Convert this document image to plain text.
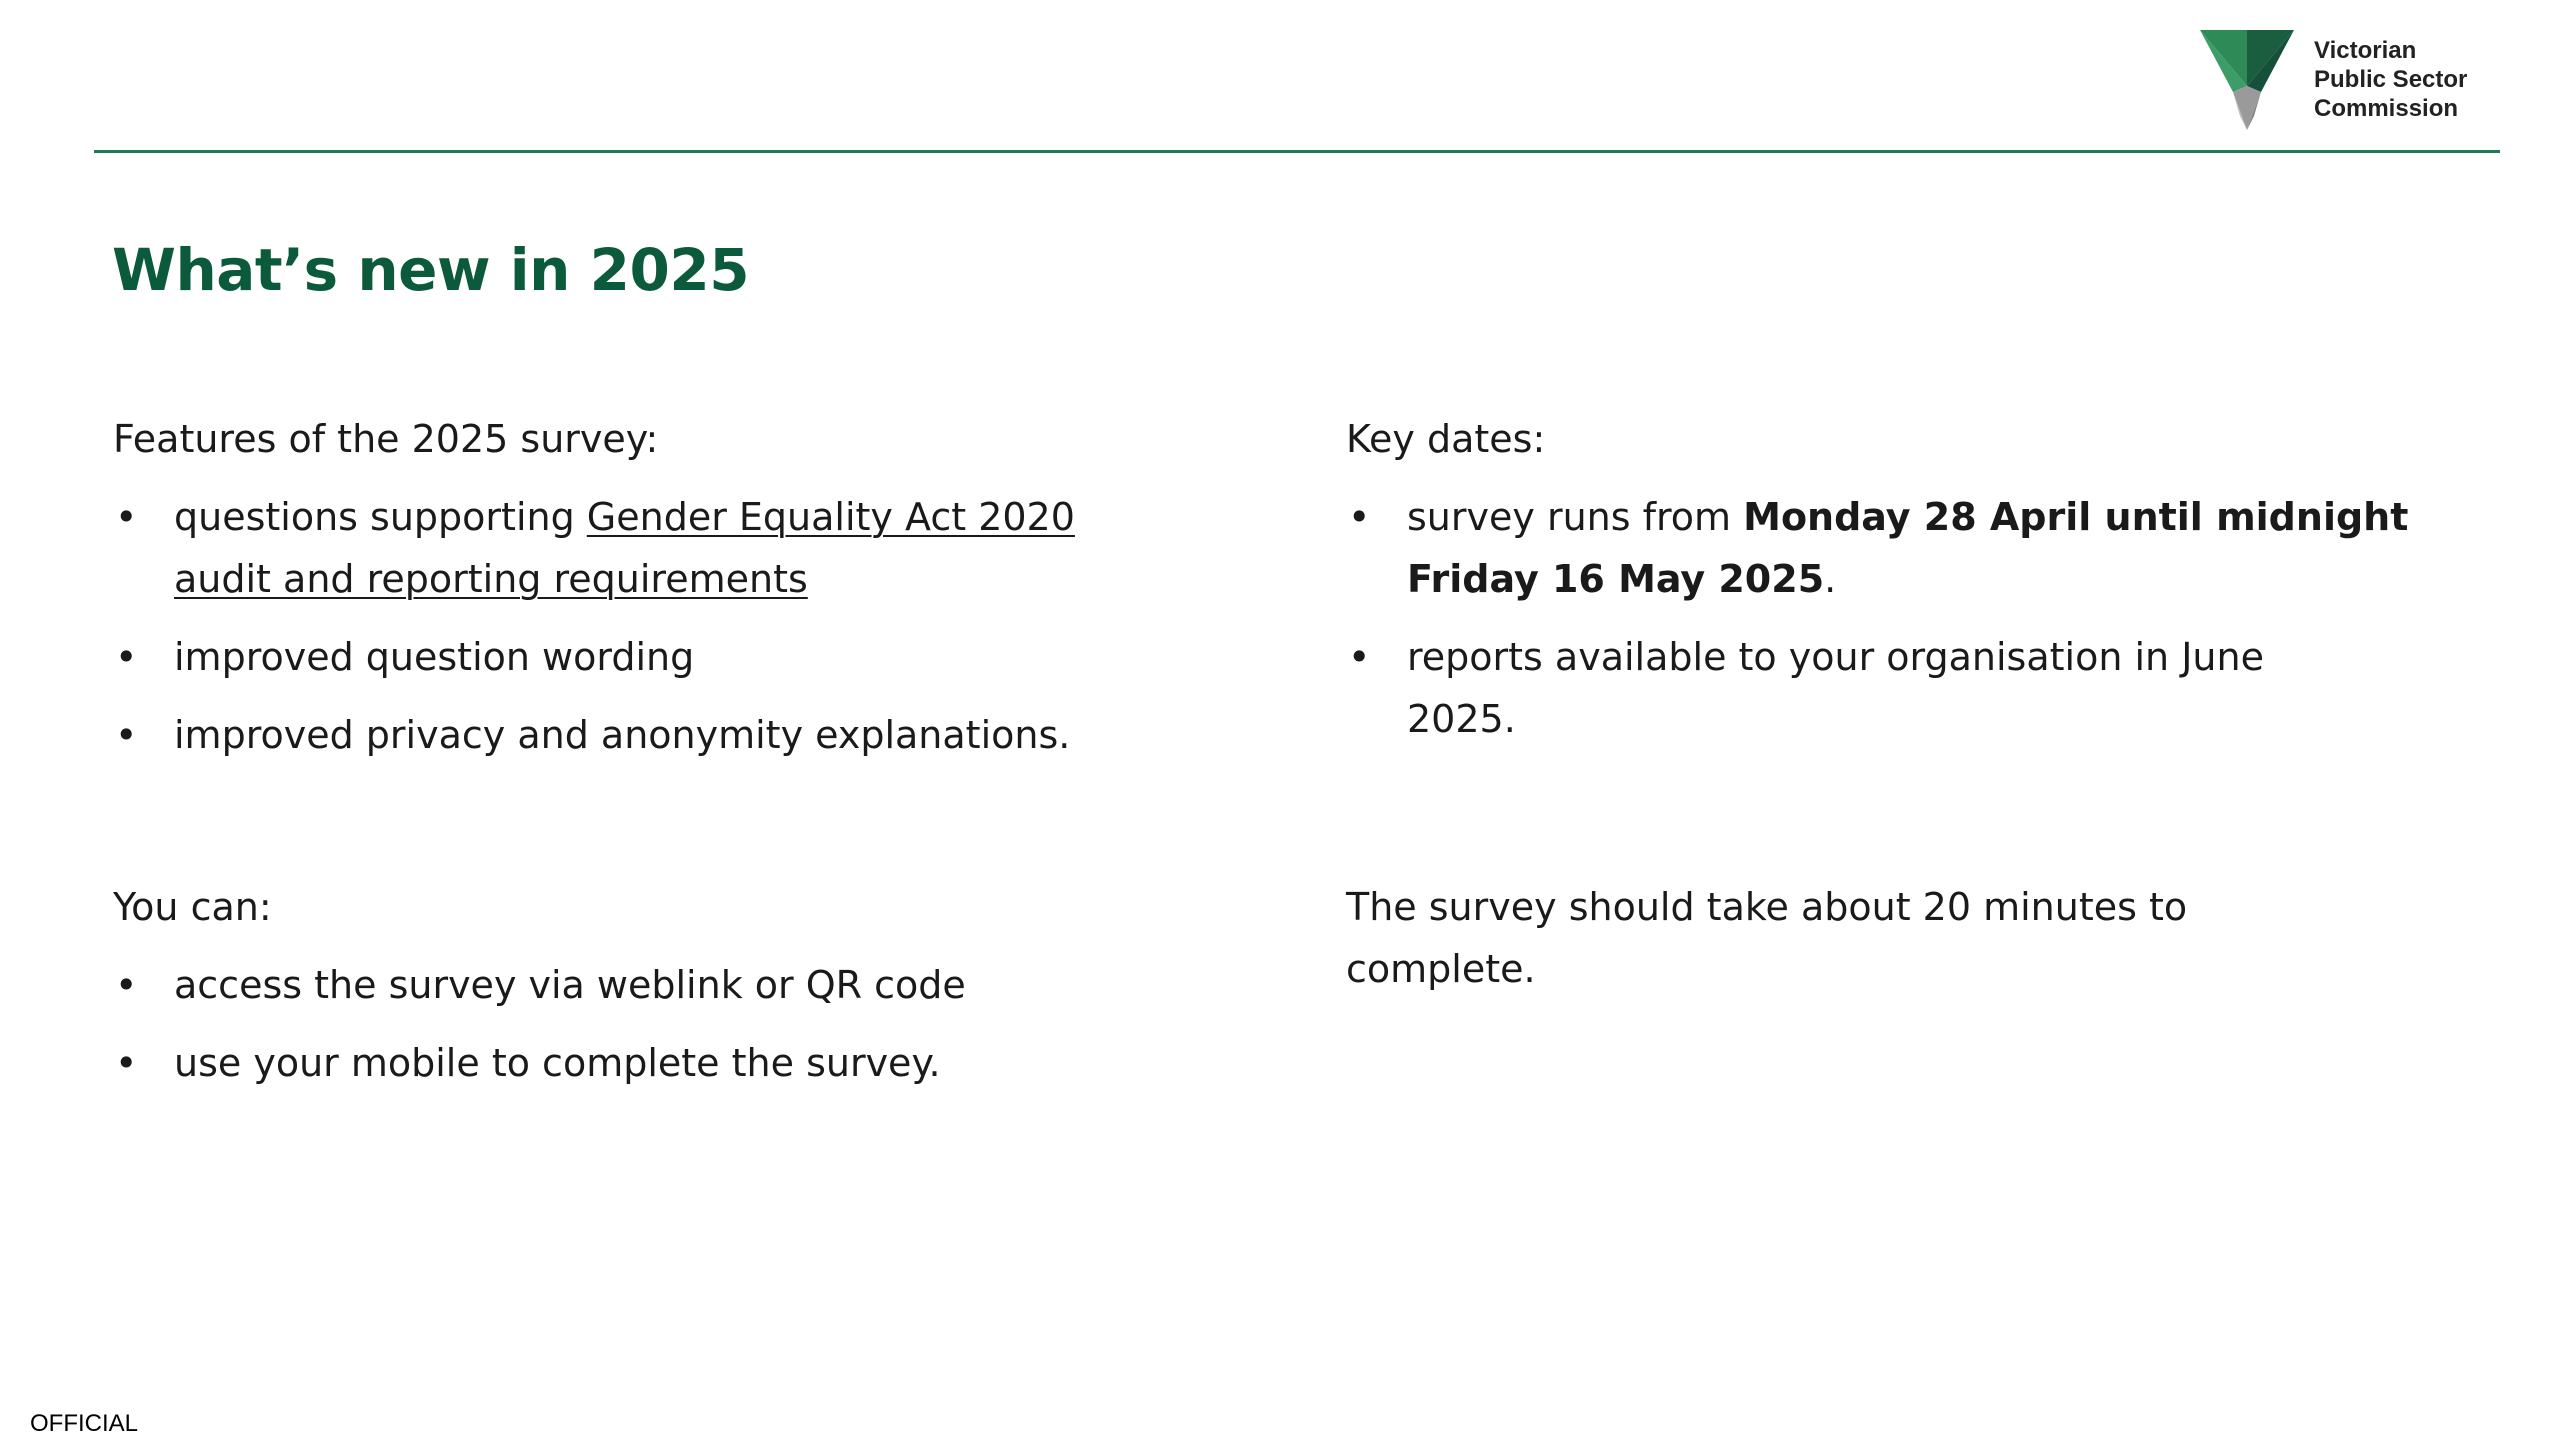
Victorian
Public Sector
Commission
What’s new in 2025

Features of the 2025 survey:

• questions supporting Gender Equality Act 2020
audit and reporting requirements
• improved question wording
• improved privacy and anonymity explanations.

You can:

• access the survey via weblink or QR code
• use your mobile to complete the survey.

Key dates:

• survey runs from Monday 28 April until midnight
Friday 16 May 2025.
• reports available to your organisation in June
2025.

The survey should take about 20 minutes to

complete.

OFFICIAL
